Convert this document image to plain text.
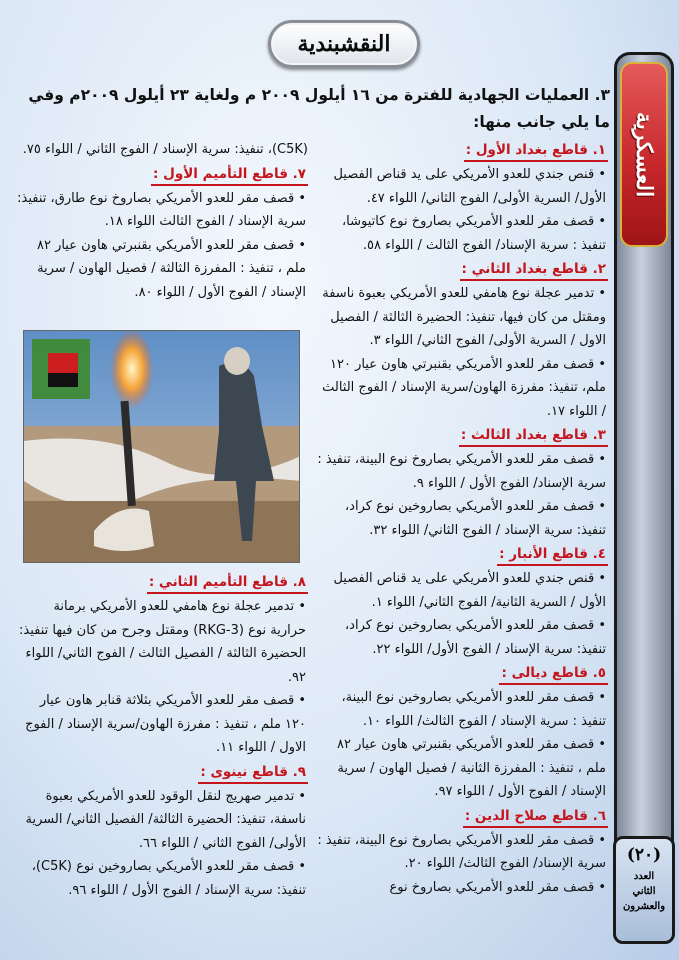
النقشبندية
العسكرية
(٢٠)
العدد
الثاني
والعشرون
٣. العمليات الجهادية للفترة من ١٦ أيلول ٢٠٠٩ م ولغاية ٢٣ أيلول ٢٠٠٩م وفي ما يلي جانب منها:
١. قاطع بغداد الأول :

• قنص جندي للعدو الأمريكي على يد قناص الفصيل الأول/ السرية الأولى/ الفوج الثاني/ اللواء ٤٧.

• قصف مقر للعدو الأمريكي بصاروخ نوع كاتيوشا، تنفيذ : سرية الإسناد/ الفوج الثالث / اللواء ٥٨.

٢. قاطع بغداد الثاني :

• تدمير عجلة نوع هامفي للعدو الأمريكي بعبوة ناسفة ومقتل من كان فيها، تنفيذ: الحضيرة الثالثة / الفصيل الاول / السرية الأولى/ الفوج الثاني/ اللواء ٣.

• قصف مقر للعدو الأمريكي بقنبرتي هاون عيار ١٢٠ ملم، تنفيذ: مفرزة الهاون/سرية الإسناد / الفوج الثالث / اللواء ١٧.

٣. قاطع بغداد الثالث :

• قصف مقر للعدو الأمريكي بصاروخ نوع البينة، تنفيذ : سرية الإسناد/ الفوج الأول / اللواء ٩.

• قصف مقر للعدو الأمريكي بصاروخين نوع كراد، تنفيذ: سرية الإسناد / الفوج الثاني/ اللواء ٣٢.

٤. قاطع الأنبار :

• قنص جندي للعدو الأمريكي على يد قناص الفصيل الأول / السرية الثانية/ الفوج الثاني/ اللواء ١.

• قصف مقر للعدو الأمريكي بصاروخين نوع كراد، تنفيذ: سرية الإسناد / الفوج الأول/ اللواء ٢٢.

٥. قاطع ديالى :

• قصف مقر للعدو الأمريكي بصاروخين نوع البينة، تنفيذ : سرية الإسناد / الفوج الثالث/ اللواء ١٠.

• قصف مقر للعدو الأمريكي بقنبرتي هاون عيار ٨٢ ملم ، تنفيذ : المفرزة الثانية / فصيل الهاون / سرية الإسناد / الفوج الأول / اللواء ٩٧.

٦. قاطع صلاح الدين :

• قصف مقر للعدو الأمريكي بصاروخ نوع البينة، تنفيذ : سرية الإسناد/ الفوج الثالث/ اللواء ٢٠.

• قصف مقر للعدو الأمريكي بصاروخ نوع

(C5K)، تنفيذ: سرية الإسناد / الفوج الثاني / اللواء ٧٥.

٧. قاطع التأميم الأول :

• قصف مقر للعدو الأمريكي بصاروخ نوع طارق، تنفيذ: سرية الإسناد / الفوج الثالث اللواء ١٨.

• قصف مقر للعدو الأمريكي بقنبرتي هاون عيار ٨٢ ملم ، تنفيذ : المفرزة الثالثة / فصيل الهاون / سرية الإسناد / الفوج الأول / اللواء ٨٠.

٨. قاطع التأميم الثاني :

• تدمير عجلة نوع هامفي للعدو الأمريكي برمانة حرارية نوع (RKG-3) ومقتل وجرح من كان فيها تنفيذ: الحضيرة الثالثة / الفصيل الثالث / الفوج الثاني/ اللواء ٩٢.

• قصف مقر للعدو الأمريكي بثلاثة قنابر هاون عيار ١٢٠ ملم ، تنفيذ : مفرزة الهاون/سرية الإسناد / الفوج الاول / اللواء ١١.

٩. قاطع نينوى :

• تدمير صهريج لنقل الوقود للعدو الأمريكي بعبوة ناسفة، تنفيذ: الحضيرة الثالثة/ الفصيل الثاني/ السرية الأولى/ الفوج الثاني / اللواء ٦٦.

• قصف مقر للعدو الأمريكي بصاروخين نوع (C5K)، تنفيذ: سرية الإسناد / الفوج الأول / اللواء ٩٦.
